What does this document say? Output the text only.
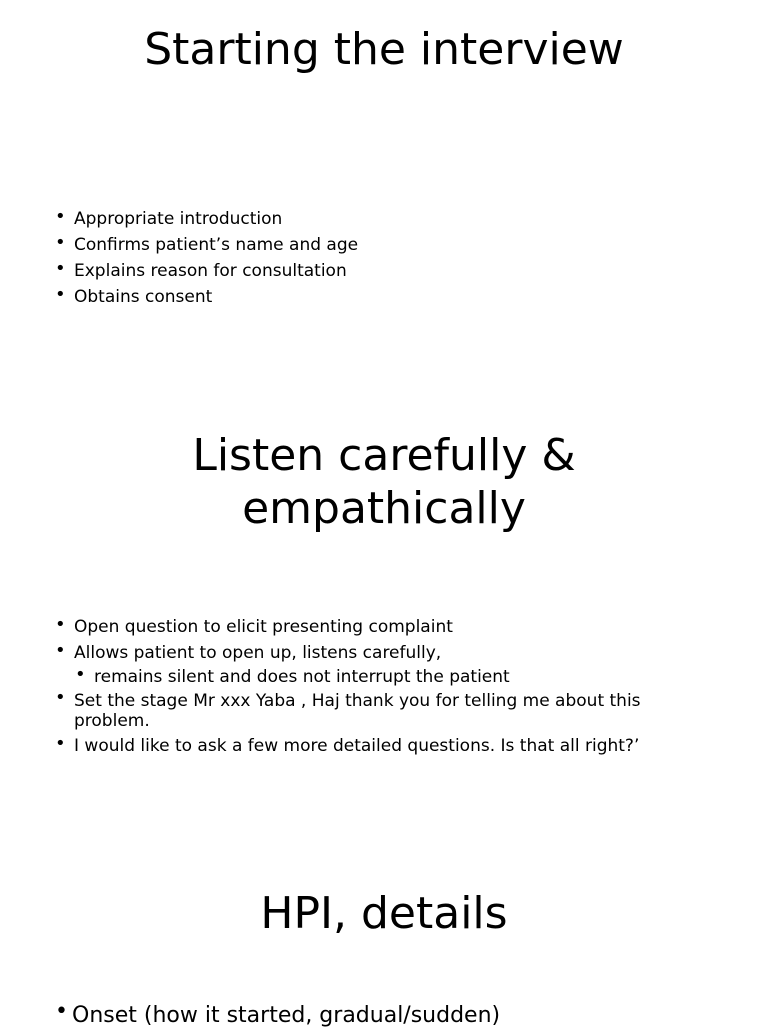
Starting the interview
• Appropriate introduction
• Confirms patient’s name and age
• Explains reason for consultation
• Obtains consent
Listen carefully &
empathically
• Open question to elicit presenting complaint
• Allows patient to open up, listens carefully,
• remains silent and does not interrupt the patient
• Set the stage Mr xxx Yaba , Haj thank you for telling me about this problem.
• I would like to ask a few more detailed questions. Is that all right?’
HPI, details
• Onset (how it started, gradual/sudden)
